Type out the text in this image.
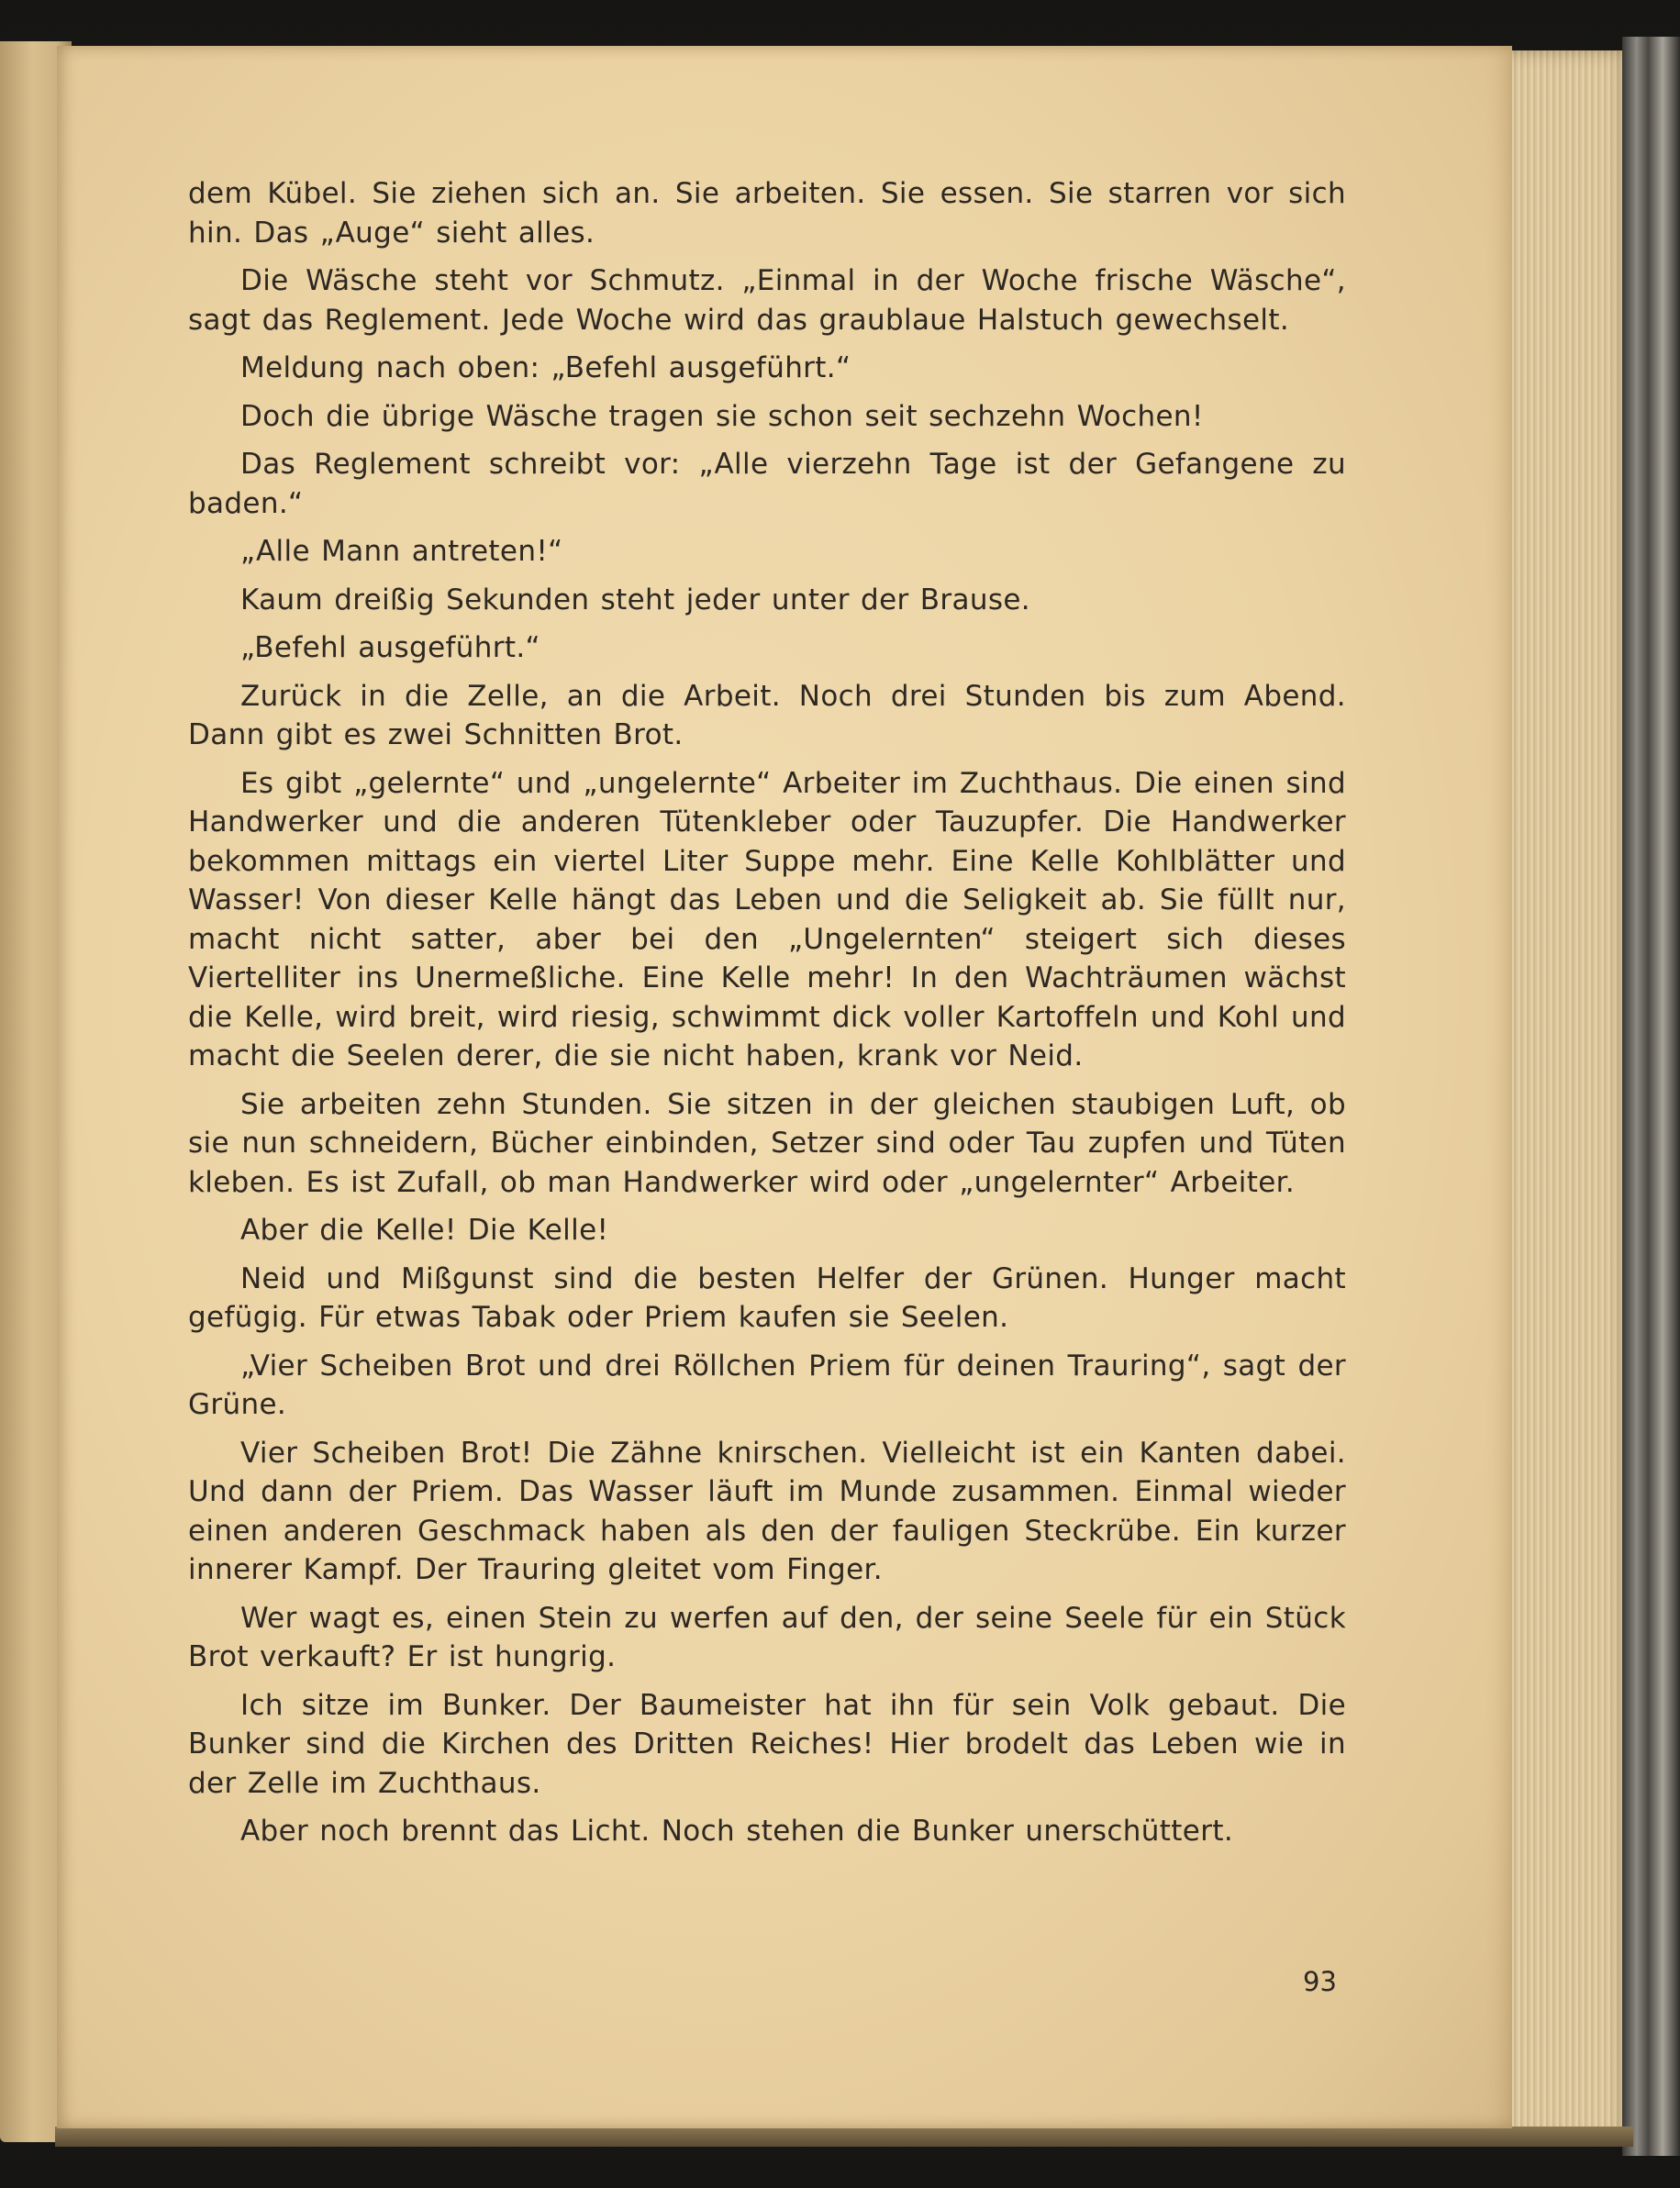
dem Kübel. Sie ziehen sich an. Sie arbeiten. Sie essen. Sie starren vor sich hin. Das „Auge“ sieht alles.

Die Wäsche steht vor Schmutz. „Einmal in der Woche frische Wäsche“, sagt das Reglement. Jede Woche wird das graublaue Halstuch gewechselt.

Meldung nach oben: „Befehl ausgeführt.“

Doch die übrige Wäsche tragen sie schon seit sechzehn Wochen!

Das Reglement schreibt vor: „Alle vierzehn Tage ist der Gefangene zu baden.“

„Alle Mann antreten!“

Kaum dreißig Sekunden steht jeder unter der Brause.

„Befehl ausgeführt.“

Zurück in die Zelle, an die Arbeit. Noch drei Stunden bis zum Abend. Dann gibt es zwei Schnitten Brot.

Es gibt „gelernte“ und „ungelernte“ Arbeiter im Zuchthaus. Die einen sind Handwerker und die anderen Tütenkleber oder Tauzupfer. Die Handwerker bekommen mittags ein viertel Liter Suppe mehr. Eine Kelle Kohlblätter und Wasser! Von dieser Kelle hängt das Leben und die Seligkeit ab. Sie füllt nur, macht nicht satter, aber bei den „Ungelernten“ steigert sich dieses Viertelliter ins Unermeßliche. Eine Kelle mehr! In den Wachträumen wächst die Kelle, wird breit, wird riesig, schwimmt dick voller Kartoffeln und Kohl und macht die Seelen derer, die sie nicht haben, krank vor Neid.

Sie arbeiten zehn Stunden. Sie sitzen in der gleichen staubigen Luft, ob sie nun schneidern, Bücher einbinden, Setzer sind oder Tau zupfen und Tüten kleben. Es ist Zufall, ob man Handwerker wird oder „ungelernter“ Arbeiter.

Aber die Kelle! Die Kelle!

Neid und Mißgunst sind die besten Helfer der Grünen. Hunger macht gefügig. Für etwas Tabak oder Priem kaufen sie Seelen.

„Vier Scheiben Brot und drei Röllchen Priem für deinen Trauring“, sagt der Grüne.

Vier Scheiben Brot! Die Zähne knirschen. Vielleicht ist ein Kanten dabei. Und dann der Priem. Das Wasser läuft im Munde zusammen. Einmal wieder einen anderen Geschmack haben als den der fauligen Steckrübe. Ein kurzer innerer Kampf. Der Trauring gleitet vom Finger.

Wer wagt es, einen Stein zu werfen auf den, der seine Seele für ein Stück Brot verkauft? Er ist hungrig.

Ich sitze im Bunker. Der Baumeister hat ihn für sein Volk gebaut. Die Bunker sind die Kirchen des Dritten Reiches! Hier brodelt das Leben wie in der Zelle im Zuchthaus.

Aber noch brennt das Licht. Noch stehen die Bunker unerschüttert.

93
